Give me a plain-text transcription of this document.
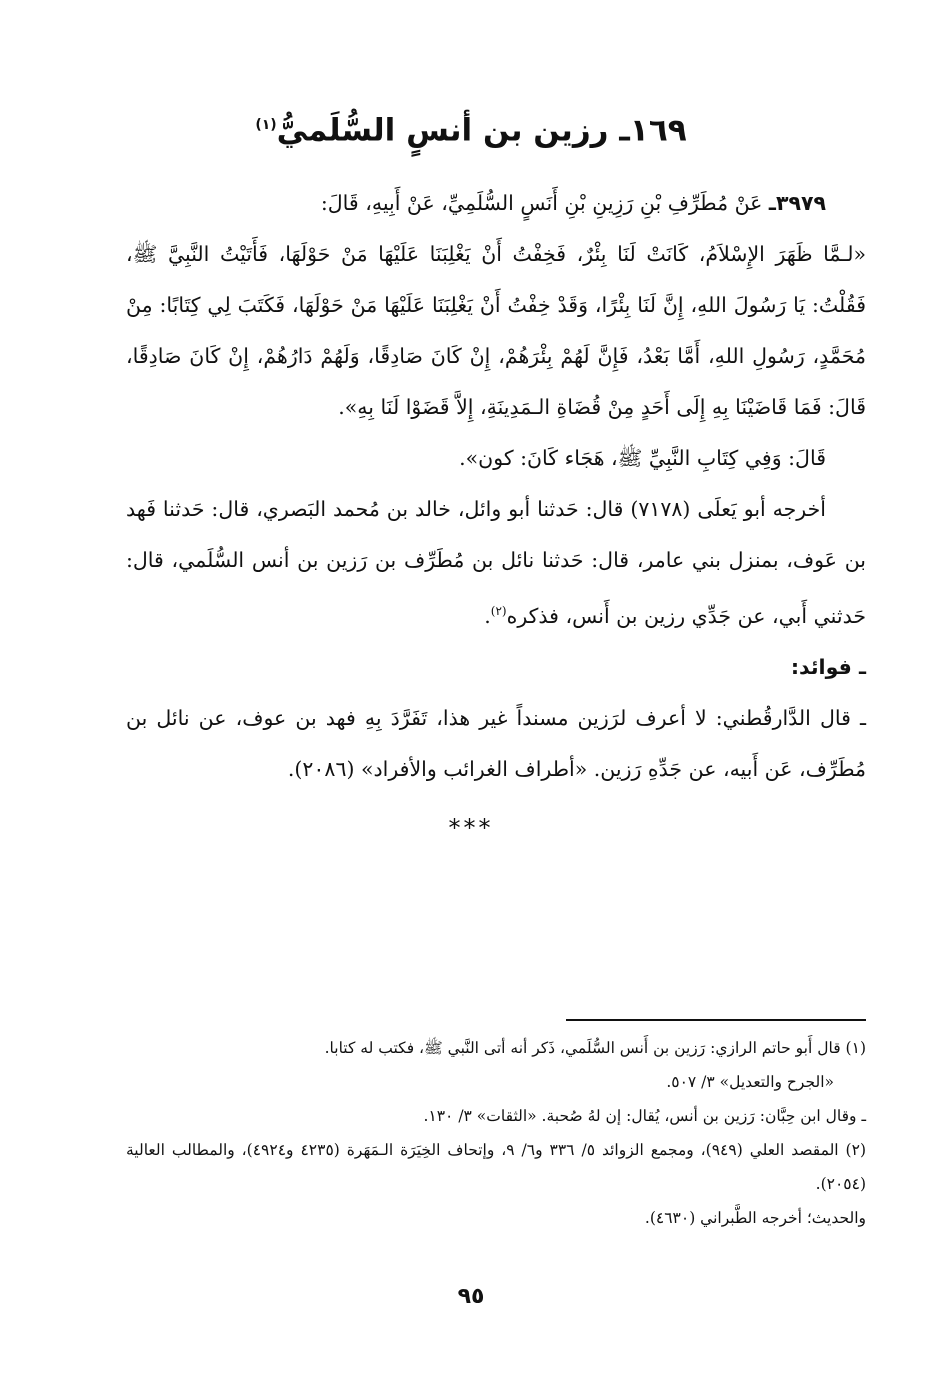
١٦٩ـ رزين بن أنسٍ السُّلَميُّ$^{(١)}$

٣٩٧٩ـ عَنْ مُطَرِّفِ بْنِ رَزِينِ بْنِ أَنَسٍ السُّلَمِيِّ، عَنْ أَبِيهِ، قَالَ:

«لـمَّا ظَهَرَ الإِسْلاَمُ، كَانَتْ لَنَا بِئْرٌ، فَخِفْتُ أَنْ يَغْلِبَنَا عَلَيْهَا مَنْ حَوْلَهَا، فَأَتَيْتُ النَّبِيَّ ﷺ، فَقُلْتُ: يَا رَسُولَ اللهِ، إِنَّ لَنَا بِئْرًا، وَقَدْ خِفْتُ أَنْ يَغْلِبَنَا عَلَيْهَا مَنْ حَوْلَهَا، فَكَتَبَ لِي كِتَابًا: مِنْ مُحَمَّدٍ، رَسُولِ اللهِ، أَمَّا بَعْدُ، فَإِنَّ لَهُمْ بِئْرَهُمْ، إِنْ كَانَ صَادِقًا، وَلَهُمْ دَارُهُمْ، إِنْ كَانَ صَادِقًا، قَالَ: فَمَا قَاضَيْنَا بِهِ إِلَى أَحَدٍ مِنْ قُضَاةِ الـمَدِينَةِ، إِلاَّ قَضَوْا لَنَا بِهِ».

قَالَ: وَفِي كِتَابِ النَّبِيِّ ﷺ، هَجَاء كَانَ: كون».

أخرجه أبو يَعلَى (٧١٧٨) قال: حَدثنا أبو وائل، خالد بن مُحمد البَصري، قال: حَدثنا فَهد بن عَوف، بمنزل بني عامر، قال: حَدثنا نائل بن مُطَرِّف بن رَزين بن أنس السُّلَمي، قال: حَدثني أَبي، عن جَدِّي رزين بن أَنس، فذكره$^{(٢)}$.

ـ فوائد:

ـ قال الدَّارقُطني: لا أعرف لرَزين مسنداً غير هذا، تَفَرَّدَ بِهِ فهد بن عوف، عن نائل بن مُطَرِّف، عَن أَبيه، عن جَدِّهِ رَزين. «أطراف الغرائب والأفراد» (٢٠٨٦).

***

(١) قال أَبو حاتم الرازي: رَزين بن أَنس السُّلَمي، ذَكر أنه أتى النَّبي ﷺ، فكتب له كتابا.

«الجرح والتعديل» ٣/ ٥٠٧.

ـ وقال ابن حِبَّان: رَزين بن أنس، يُقال: إن لهُ صُحبة. «الثقات» ٣/ ١٣٠.

(٢) المقصد العلي (٩٤٩)، ومجمع الزوائد ٥/ ٣٣٦ و٦/ ٩، وإتحاف الخِيَرَة الـمَهَرة (٤٢٣٥ و٤٩٢٤)، والمطالب العالية (٢٠٥٤).

والحديث؛ أخرجه الطَّبراني (٤٦٣٠).

٩٥
